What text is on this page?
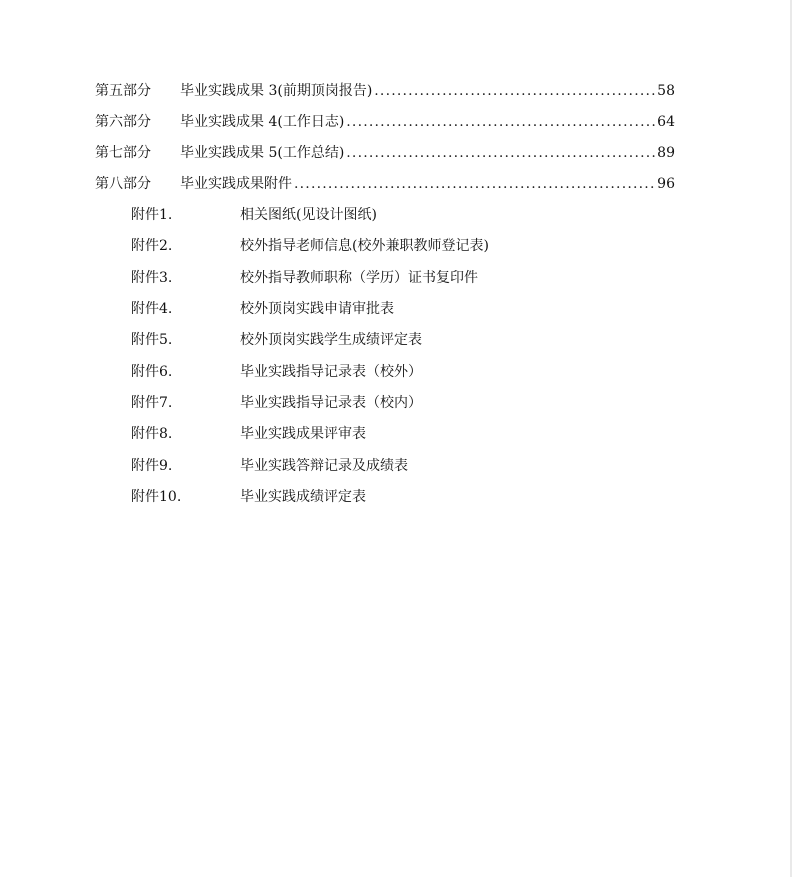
第五部分	毕业实践成果 3(前期顶岗报告) .....	58
第六部分	毕业实践成果 4(工作日志) .....	64
第七部分	毕业实践成果 5(工作总结) .....	89
第八部分	毕业实践成果附件 .....	96
附件1.	相关图纸(见设计图纸)
附件2.	校外指导老师信息(校外兼职教师登记表)
附件3.	校外指导教师职称（学历）证书复印件
附件4.	校外顶岗实践申请审批表
附件5.	校外顶岗实践学生成绩评定表
附件6.	毕业实践指导记录表（校外）
附件7.	毕业实践指导记录表（校内）
附件8.	毕业实践成果评审表
附件9.	毕业实践答辩记录及成绩表
附件10.	毕业实践成绩评定表
